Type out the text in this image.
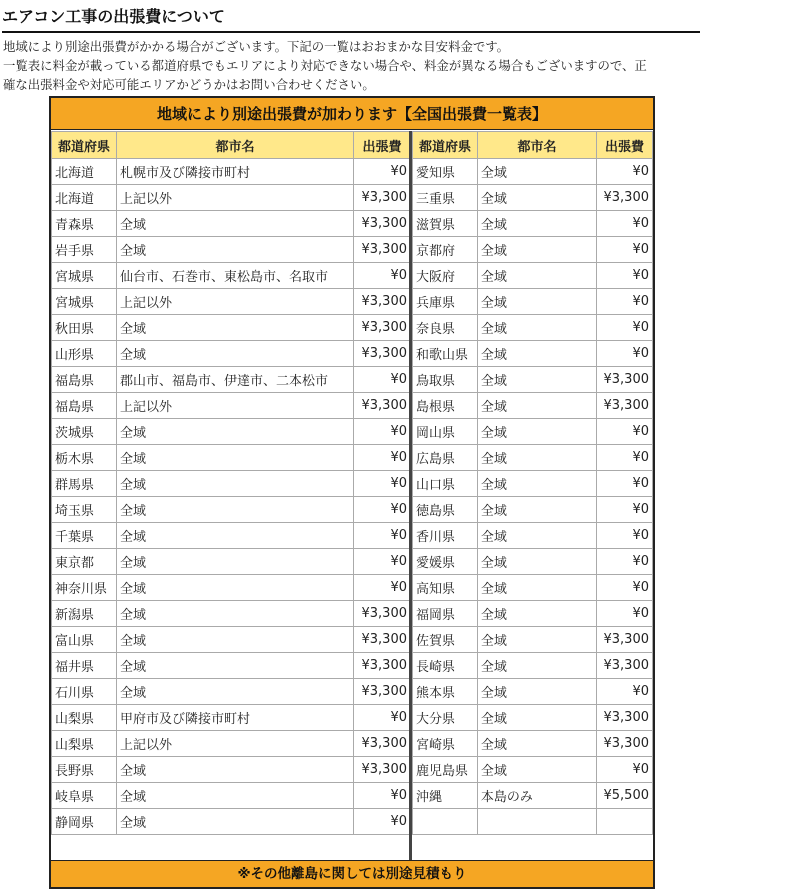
エアコン工事の出張費について

地域により別途出張費がかかる場合がございます。下記の一覧はおおまかな目安料金です。

一覧表に料金が載っている都道府県でもエリアにより対応できない場合や、料金が異なる場合もございますので、正

確な出張料金や対応可能エリアかどうかはお問い合わせください。

地域により別途出張費が加わります【全国出張費一覧表】
都道府県	都市名	出張費
北海道	札幌市及び隣接市町村	¥0
北海道	上記以外	¥3,300
青森県	全域	¥3,300
岩手県	全域	¥3,300
宮城県	仙台市、石巻市、東松島市、名取市	¥0
宮城県	上記以外	¥3,300
秋田県	全域	¥3,300
山形県	全域	¥3,300
福島県	郡山市、福島市、伊達市、二本松市	¥0
福島県	上記以外	¥3,300
茨城県	全域	¥0
栃木県	全域	¥0
群馬県	全域	¥0
埼玉県	全域	¥0
千葉県	全域	¥0
東京都	全域	¥0
神奈川県	全域	¥0
新潟県	全域	¥3,300
富山県	全域	¥3,300
福井県	全域	¥3,300
石川県	全域	¥3,300
山梨県	甲府市及び隣接市町村	¥0
山梨県	上記以外	¥3,300
長野県	全域	¥3,300
岐阜県	全域	¥0
静岡県	全域	¥0
都道府県	都市名	出張費
愛知県	全域	¥0
三重県	全域	¥3,300
滋賀県	全域	¥0
京都府	全域	¥0
大阪府	全域	¥0
兵庫県	全域	¥0
奈良県	全域	¥0
和歌山県	全域	¥0
鳥取県	全域	¥3,300
島根県	全域	¥3,300
岡山県	全域	¥0
広島県	全域	¥0
山口県	全域	¥0
徳島県	全域	¥0
香川県	全域	¥0
愛媛県	全域	¥0
高知県	全域	¥0
福岡県	全域	¥0
佐賀県	全域	¥3,300
長崎県	全域	¥3,300
熊本県	全域	¥0
大分県	全域	¥3,300
宮崎県	全域	¥3,300
鹿児島県	全域	¥0
沖縄	本島のみ	¥5,500

※その他離島に関しては別途見積もり
